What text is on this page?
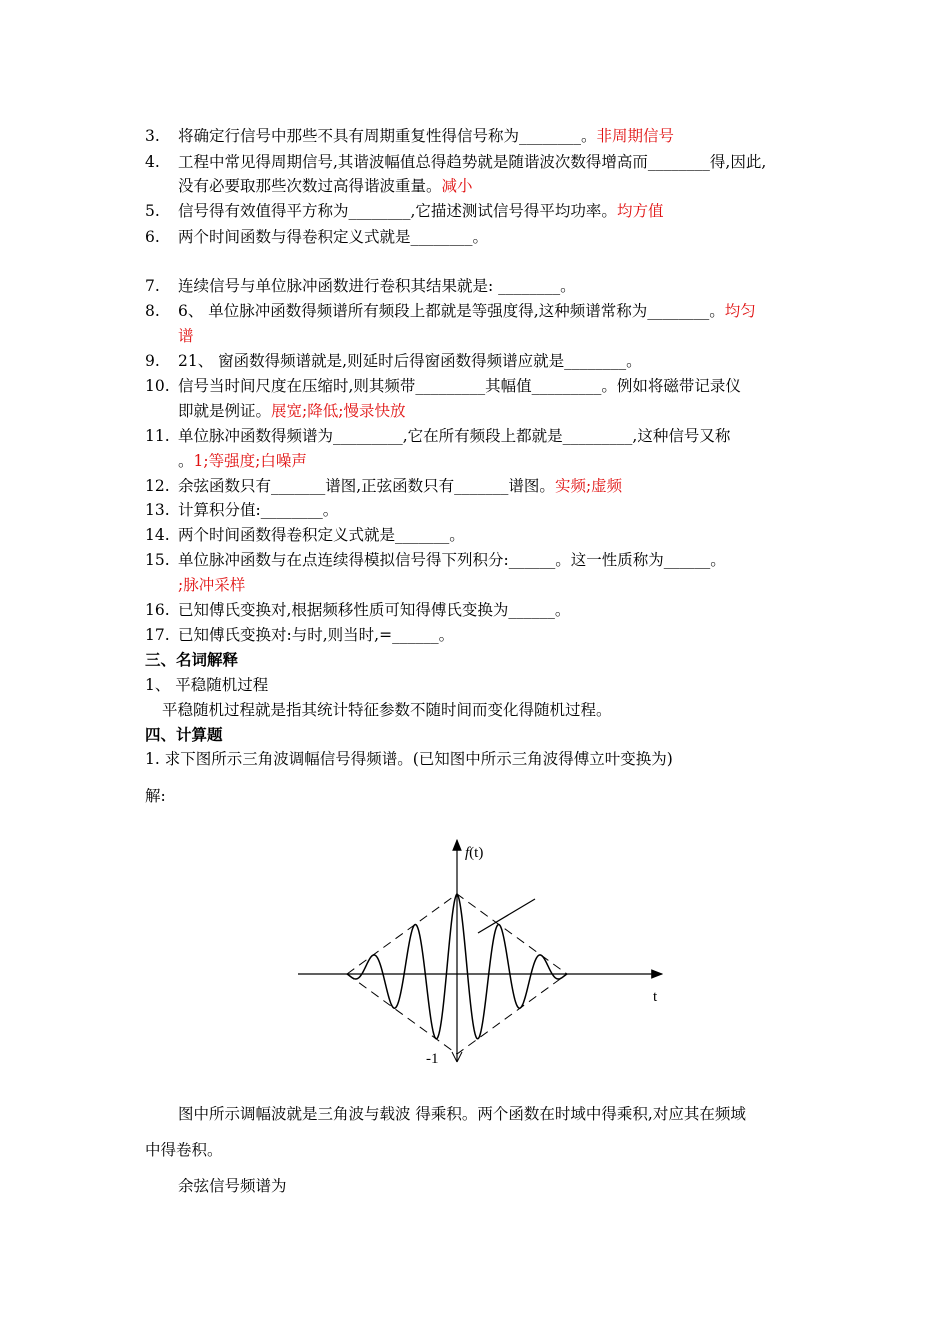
3.	将确定行信号中那些不具有周期重复性得信号称为________。非周期信号
4.	工程中常见得周期信号,其谐波幅值总得趋势就是随谐波次数得增高而________得,因此,
没有必要取那些次数过高得谐波重量。减小
5.	信号得有效值得平方称为________,它描述测试信号得平均功率。均方值
6.	两个时间函数与得卷积定义式就是________。
7.	连续信号与单位脉冲函数进行卷积其结果就是: ________。
8.	6、 单位脉冲函数得频谱所有频段上都就是等强度得,这种频谱常称为________。均匀
谱
9.	21、 窗函数得频谱就是,则延时后得窗函数得频谱应就是________。
10. 信号当时间尺度在压缩时,则其频带_________其幅值_________。例如将磁带记录仪
即就是例证。展宽;降低;慢录快放
11. 单位脉冲函数得频谱为_________,它在所有频段上都就是_________,这种信号又称
。1;等强度;白噪声
12. 余弦函数只有_______谱图,正弦函数只有_______谱图。实频;虚频
13. 计算积分值:________。
14. 两个时间函数得卷积定义式就是_______。
15. 单位脉冲函数与在点连续得模拟信号得下列积分:______。这一性质称为______。
;脉冲采样
16. 已知傅氏变换对,根据频移性质可知得傅氏变换为______。
17. 已知傅氏变换对:与时,则当时,=______。
三、名词解释
1、 平稳随机过程
平稳随机过程就是指其统计特征参数不随时间而变化得随机过程。
四、计算题
1. 求下图所示三角波调幅信号得频谱。(已知图中所示三角波得傅立叶变换为)
解:
f(t)
t
-1
图中所示调幅波就是三角波与载波 得乘积。两个函数在时域中得乘积,对应其在频域
中得卷积。
余弦信号频谱为
